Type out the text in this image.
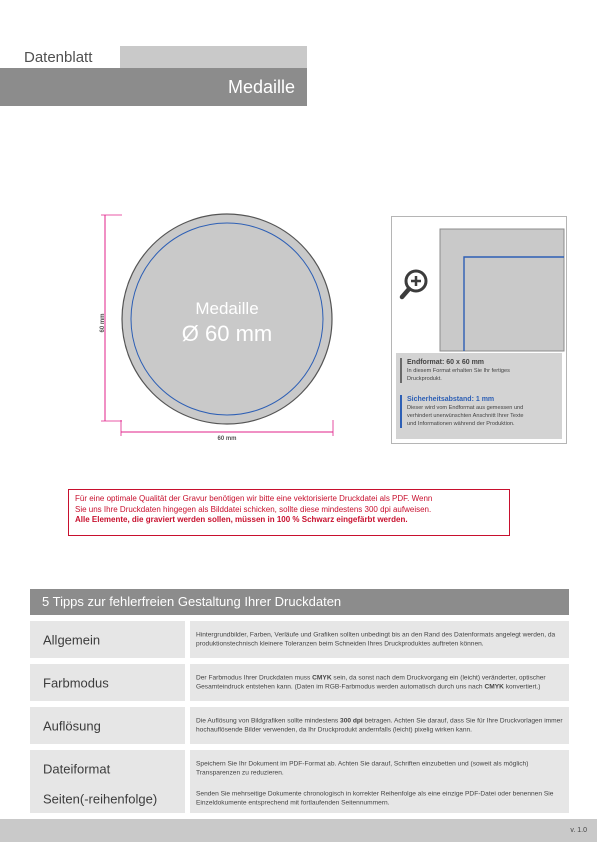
Datenblatt
Medaille
Medaille
Ø 60 mm
60 mm
60 mm
Endformat: 60 x 60 mm
In diesem Format erhalten Sie Ihr fertiges
Druckprodukt.
Sicherheitsabstand: 1 mm
Dieser wird vom Endformat aus gemessen und
verhindert unerwünschten Anschnitt Ihrer Texte
und Informationen während der Produktion.
Für eine optimale Qualität der Gravur benötigen wir bitte eine vektorisierte Druckdatei als PDF. Wenn
Sie uns Ihre Druckdaten hingegen als Bilddatei schicken, sollte diese mindestens 300 dpi aufweisen.
Alle Elemente, die graviert werden sollen, müssen in 100 % Schwarz eingefärbt werden.
5 Tipps zur fehlerfreien Gestaltung Ihrer Druckdaten
Allgemein	Hintergrundbilder, Farben, Verläufe und Grafiken sollten unbedingt bis an den Rand des Datenformats angelegt werden, da produktionstechnisch kleinere Toleranzen beim Schneiden Ihres Druckproduktes auftreten können.
Farbmodus	Der Farbmodus Ihrer Druckdaten muss CMYK sein, da sonst nach dem Druckvorgang ein (leicht) veränderter, optischer Gesamteindruck entstehen kann. (Daten im RGB-Farbmodus werden automatisch durch uns nach CMYK konvertiert.)
Auflösung	Die Auflösung von Bildgrafiken sollte mindestens 300 dpi betragen. Achten Sie darauf, dass Sie für Ihre Druckvorlagen immer hochauflösende Bilder verwenden, da Ihr Druckprodukt andernfalls (leicht) pixelig wirken kann.
Dateiformat	Speichern Sie Ihr Dokument im PDF-Format ab. Achten Sie darauf, Schriften einzubetten und (soweit als möglich) Transparenzen zu reduzieren.
Seiten(-reihenfolge)	Senden Sie mehrseitige Dokumente chronologisch in korrekter Reihenfolge als eine einzige PDF-Datei oder benennen Sie Einzeldokumente entsprechend mit fortlaufenden Seitennummern.
v. 1.0
